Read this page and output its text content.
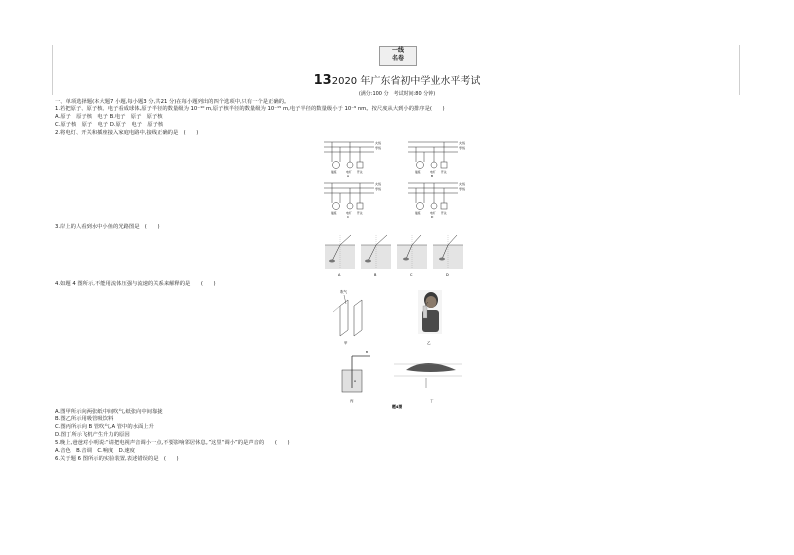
一线
名卷
132020 年广东省初中学业水平考试
(满分:100 分　考试时间:80 分钟)
一、单项选择题(本大题7 小题,每小题3 分,共21 分)在每小题列出的四个选项中,只有一个是正确的。
1.若把原子、原子核、电子看成球体,原子半径的数量级为 10⁻¹⁰ m,原子核半径的数量级为 10⁻¹⁵ m,电子半径的数量级小于 10⁻⁹ nm。按尺度从大到小的排序是(　　)
A.原子　原子核　电子 B.电子　原子　原子核
C.原子核　原子　电子 D.原子　电子　原子核
2.将电灯、开关和插座接入家庭电路中,接线正确的是　(　　)
3.岸上的人看到水中小鱼的光路图是　(　　)
4.如题 4 图所示,不能用流体压强与流速的关系来解释的是　　(　　)
A.图甲所示向两张纸中间吹气,纸张向中间靠拢
B.图乙所示用吸管吸饮料
C.图丙所示向 B 管吹气,A 管中的水面上升
D.图丁所示飞机产生升力的原因
5.晚上,爸爸对小明说:“请把电视声音调小一点,不要影响邻居休息。”这里“调小”的是声音的　　(　　)
A.音色　B.音调　C.响度　D.速度
6.关于题 6 图所示的实验装置,表述错误的是　(　　)
火线
零线
插座	电灯 开关
A
火线
零线
插座	电灯 开关
B
火线
零线
插座	电灯 开关
C
火线
零线
插座	电灯 开关
D
A	B	C	D
吹气
甲	乙
A
B
丙	丁
题4图
